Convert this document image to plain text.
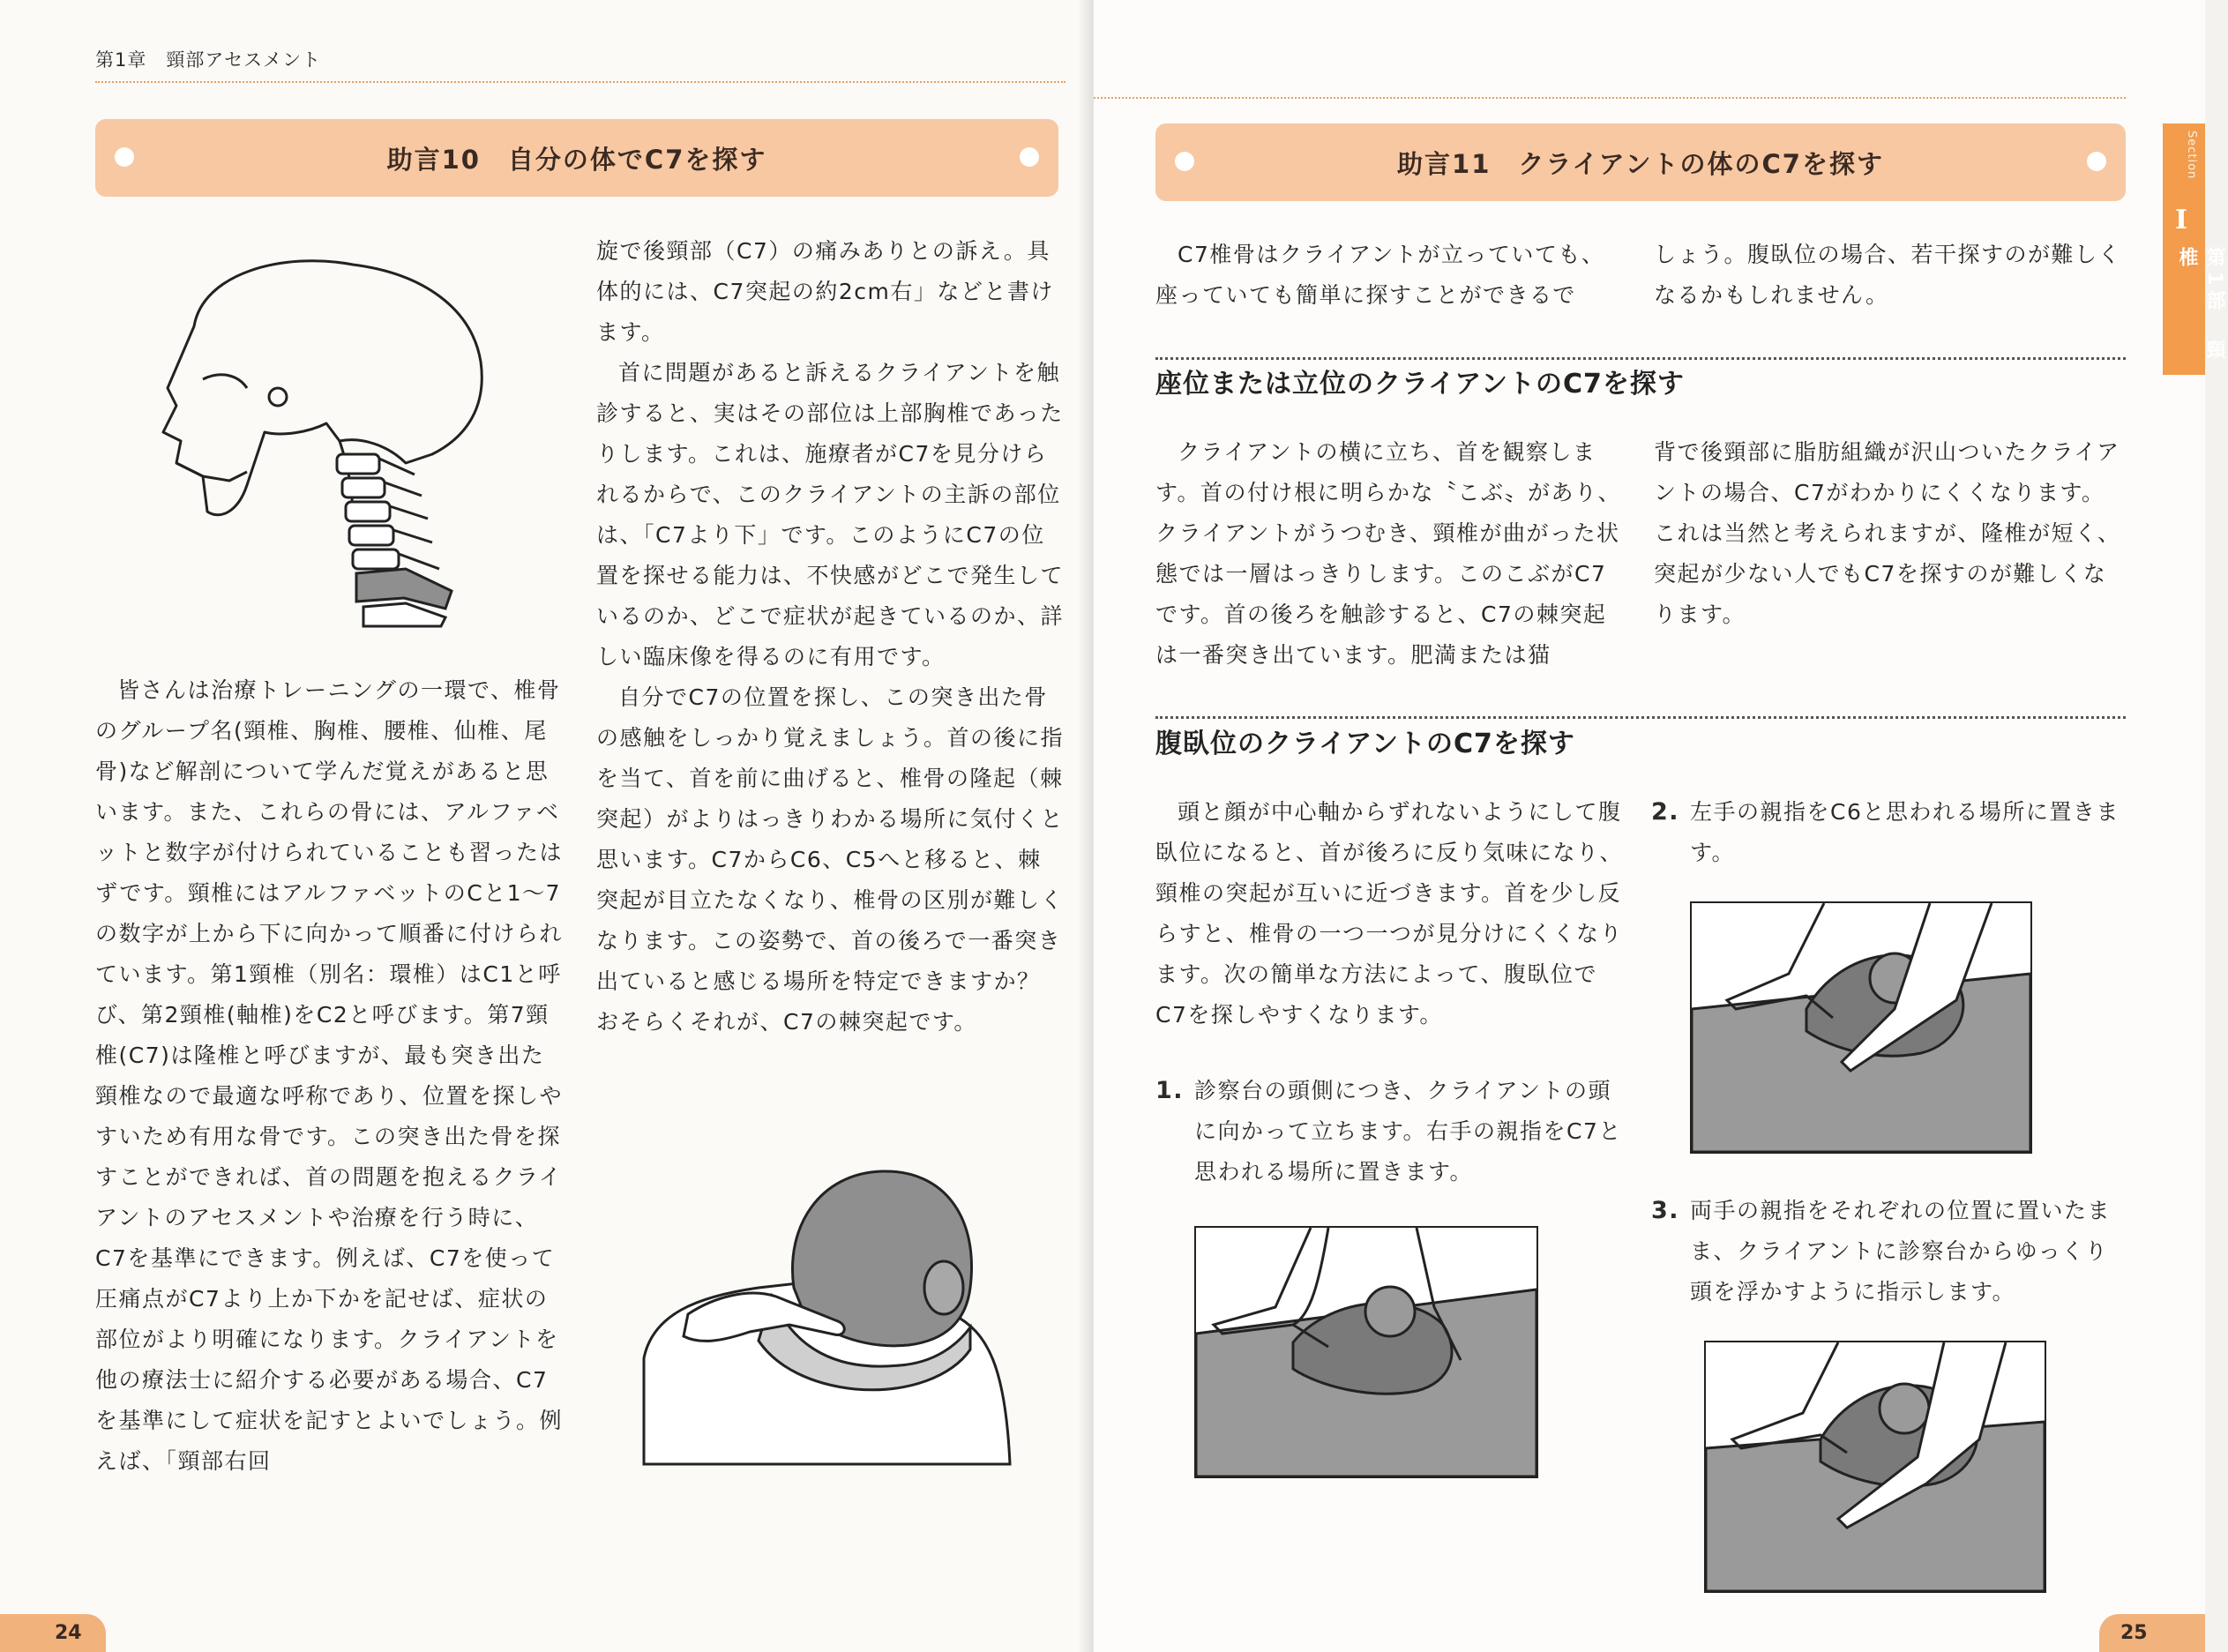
第1章　頸部アセスメント
助言10　自分の体でC7を探す

皆さんは治療トレーニングの一環で、椎骨のグループ名(頸椎、胸椎、腰椎、仙椎、尾骨)など解剖について学んだ覚えがあると思います。また、これらの骨には、アルファベットと数字が付けられていることも習ったはずです。頸椎にはアルファベットのCと1～7の数字が上から下に向かって順番に付けられています。第1頸椎（別名：環椎）はC1と呼び、第2頸椎(軸椎)をC2と呼びます。第7頸椎(C7)は隆椎と呼びますが、最も突き出た頸椎なので最適な呼称であり、位置を探しやすいため有用な骨です。この突き出た骨を探すことができれば、首の問題を抱えるクライアントのアセスメントや治療を行う時に、C7を基準にできます。例えば、C7を使って圧痛点がC7より上か下かを記せば、症状の部位がより明確になります。クライアントを他の療法士に紹介する必要がある場合、C7を基準にして症状を記すとよいでしょう。例えば、「頸部右回

旋で後頸部（C7）の痛みありとの訴え。具体的には、C7突起の約2cm右」などと書けます。

首に問題があると訴えるクライアントを触診すると、実はその部位は上部胸椎であったりします。これは、施療者がC7を見分けられるからで、このクライアントの主訴の部位は、「C7より下」です。このようにC7の位置を探せる能力は、不快感がどこで発生しているのか、どこで症状が起きているのか、詳しい臨床像を得るのに有用です。

自分でC7の位置を探し、この突き出た骨の感触をしっかり覚えましょう。首の後に指を当て、首を前に曲げると、椎骨の隆起（棘突起）がよりはっきりわかる場所に気付くと思います。C7からC6、C5へと移ると、棘突起が目立たなくなり、椎骨の区別が難しくなります。この姿勢で、首の後ろで一番突き出ていると感じる場所を特定できますか？　おそらくそれが、C7の棘突起です。

24
助言11　クライアントの体のC7を探す

C7椎骨はクライアントが立っていても、座っていても簡単に探すことができるで

しょう。腹臥位の場合、若干探すのが難しくなるかもしれません。

座位または立位のクライアントのC7を探す

クライアントの横に立ち、首を観察します。首の付け根に明らかな〝こぶ〟があり、クライアントがうつむき、頸椎が曲がった状態では一層はっきりします。このこぶがC7です。首の後ろを触診すると、C7の棘突起は一番突き出ています。肥満または猫

背で後頸部に脂肪組織が沢山ついたクライアントの場合、C7がわかりにくくなります。これは当然と考えられますが、隆椎が短く、突起が少ない人でもC7を探すのが難しくなります。

腹臥位のクライアントのC7を探す

頭と顔が中心軸からずれないようにして腹臥位になると、首が後ろに反り気味になり、頸椎の突起が互いに近づきます。首を少し反らすと、椎骨の一つ一つが見分けにくくなります。次の簡単な方法によって、腹臥位でC7を探しやすくなります。

1. 診察台の頭側につき、クライアントの頭に向かって立ちます。右手の親指をC7と思われる場所に置きます。
2. 左手の親指をC6と思われる場所に置きます。
3. 両手の親指をそれぞれの位置に置いたまま、クライアントに診察台からゆっくり頭を浮かすように指示します。
25
Section
I
第1部　頸椎
